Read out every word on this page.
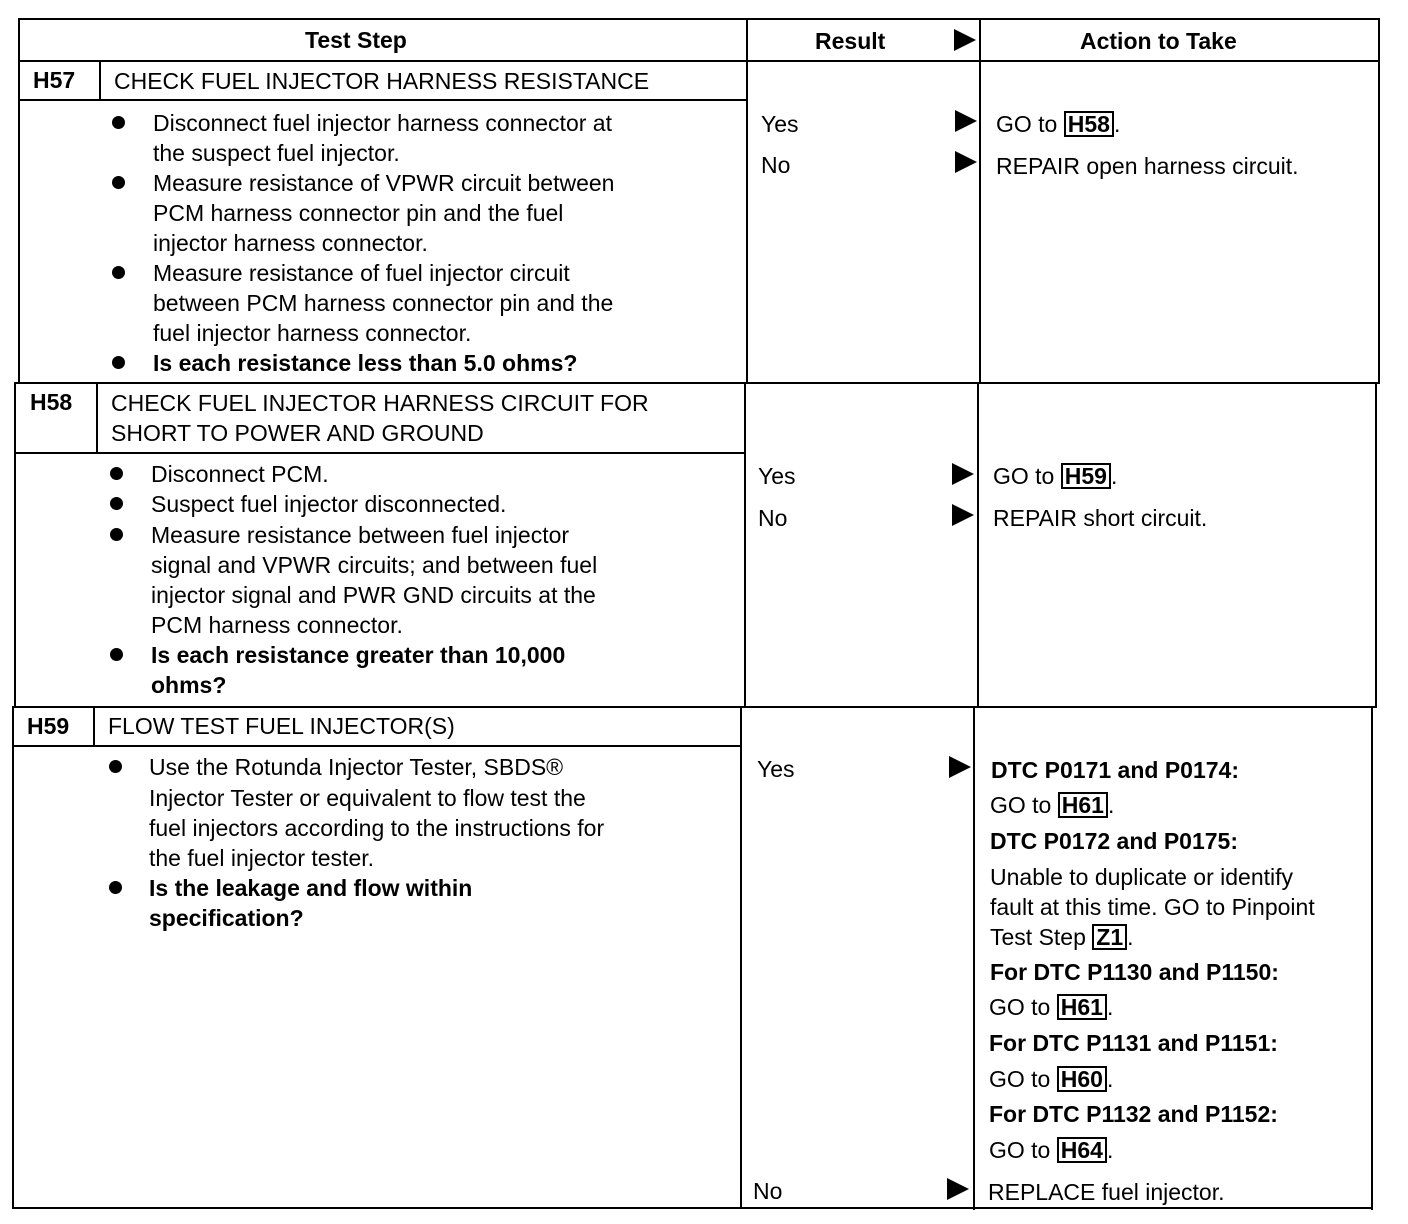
Test Step	Result	Action to Take
H57 CHECK FUEL INJECTOR HARNESS RESISTANCE
Disconnect fuel injector harness connector at
the suspect fuel injector.
Measure resistance of VPWR circuit between
PCM harness connector pin and the fuel
injector harness connector.
Measure resistance of fuel injector circuit
between PCM harness connector pin and the
fuel injector harness connector.
Is each resistance less than 5.0 ohms?
Yes	GO to H58 .
No	REPAIR open harness circuit.
H58 CHECK FUEL INJECTOR HARNESS CIRCUIT FOR
SHORT TO POWER AND GROUND
Disconnect PCM.
Suspect fuel injector disconnected.
Measure resistance between fuel injector
signal and VPWR circuits; and between fuel
injector signal and PWR GND circuits at the
PCM harness connector.
Is each resistance greater than 10,000
ohms?
Yes	GO to H59 .
No	REPAIR short circuit.
H59 FLOW TEST FUEL INJECTOR(S)
Use the Rotunda Injector Tester, SBDS®
Injector Tester or equivalent to flow test the
fuel injectors according to the instructions for
the fuel injector tester.
Is the leakage and flow within
specification?
Yes	DTC P0171 and P0174:
GO to H61 .
DTC P0172 and P0175:
Unable to duplicate or identify
fault at this time. GO to Pinpoint
Test Step Z1 .
For DTC P1130 and P1150:
GO to H61 .
For DTC P1131 and P1151:
GO to H60 .
For DTC P1132 and P1152:
GO to H64 .
No	REPLACE fuel injector.
